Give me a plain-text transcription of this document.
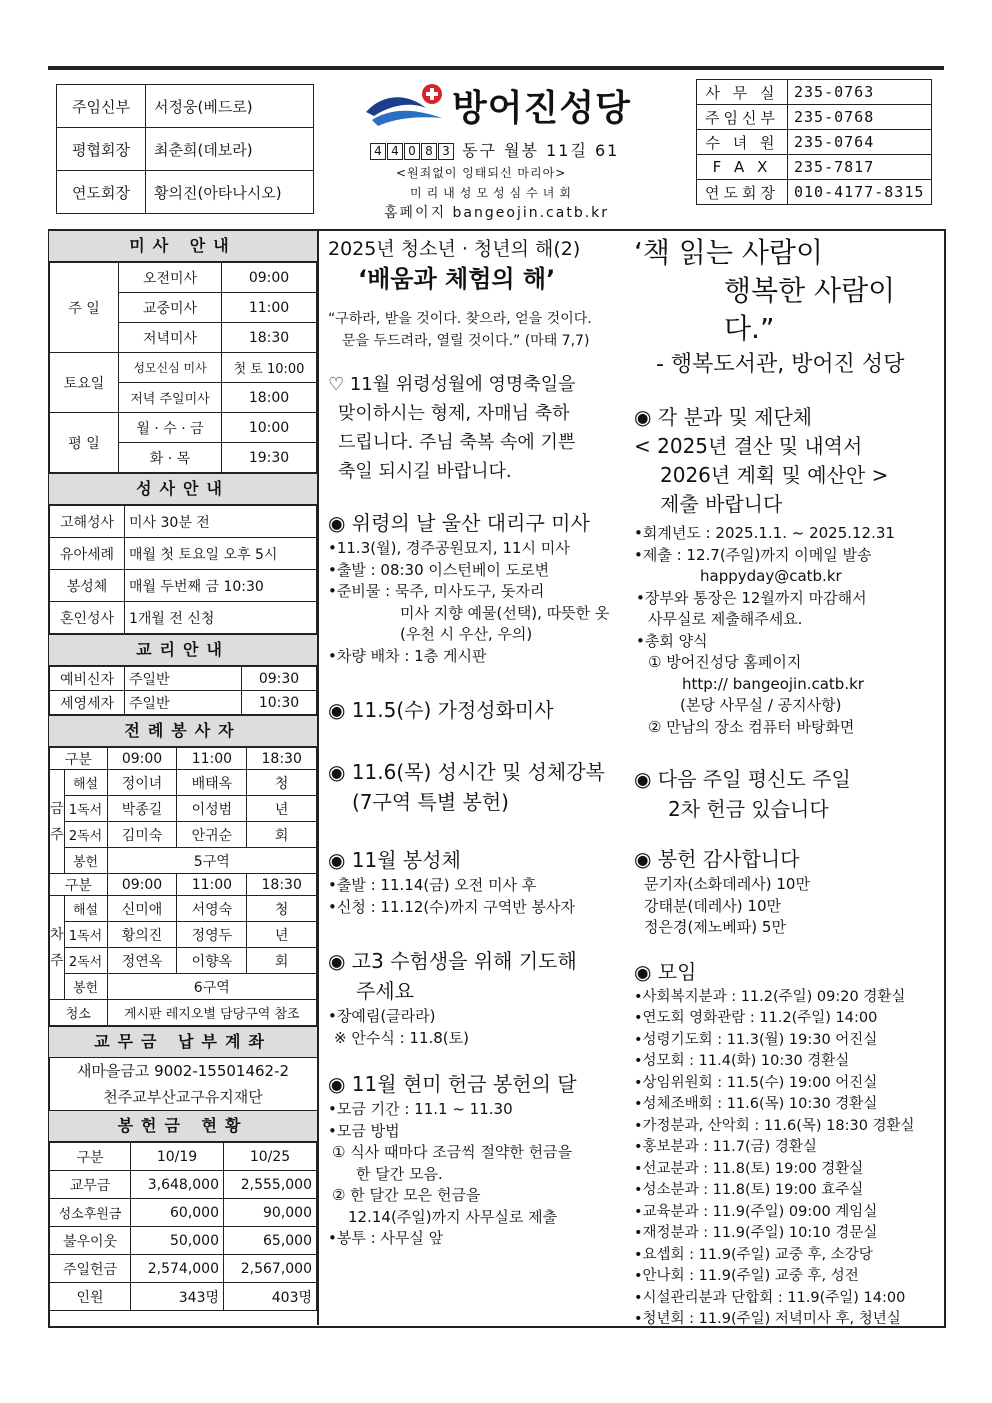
주임신부	서정웅(베드로)
평협회장	최춘희(데보라)
연도회장	황의진(아타나시오)
방어진성당
4 4 0 8 3 동구 월봉 11길 61
<원죄없이 잉태되신 마리아>
미리내성모성심수녀회
홈페이지 bangeojin.catb.kr
사 무 실	235-0763
주임신부	235-0768
수 녀 원	235-0764
F A X	235-7817
연도회장	010-4177-8315
미사 안내
주 일	오전미사	09:00
	교중미사	11:00
	저녁미사	18:30
토요일	성모신심 미사	첫 토 10:00
	저녁 주일미사	18:00
평 일	월 · 수 · 금	10:00
	화 · 목	19:30
성사안내
고해성사	미사 30분 전
유아세례	매월 첫 토요일 오후 5시
봉성체	매월 두번째 금 10:30
혼인성사	1개월 전 신청
교리안내
예비신자	주일반	09:30
세영세자	주일반	10:30
전례봉사자
구분		09:00	11:00	18:30
금
주	해설	정이녀	배태옥	청
	1독서	박종길	이성범	년
	2독서	김미숙	안귀순	회
	봉헌	5구역		
구분		09:00	11:00	18:30
차
주	해설	신미애	서영숙	청
	1독서	황의진	정영두	년
	2독서	정연옥	이향옥	회
	봉헌	6구역		
청소		게시판 레지오별 담당구역 참조		
교무금 납부계좌
새마을금고 9002-15501462-2
천주교부산교구유지재단
봉헌금 현황
구분	10/19	10/25
교무금	3,648,000	2,555,000
성소후원금	60,000	90,000
불우이웃	50,000	65,000
주일헌금	2,574,000	2,567,000
인원	343명	403명
2025년 청소년 · 청년의 해(2)
‘배움과 체험의 해’
“구하라, 받을 것이다. 찾으라, 얻을 것이다.
문을 두드려라, 열릴 것이다.” (마태 7,7)
♡ 11월 위령성월에 영명축일을
맞이하시는 형제, 자매님 축하
드립니다. 주님 축복 속에 기쁜
축일 되시길 바랍니다.
◉ 위령의 날 울산 대리구 미사
•11.3(월), 경주공원묘지, 11시 미사
•출발 : 08:30 이스턴베이 도로변
•준비물 : 묵주, 미사도구, 돗자리
미사 지향 예물(선택), 따뜻한 옷
(우천 시 우산, 우의)
•차량 배차 : 1층 게시판
◉ 11.5(수) 가정성화미사
◉ 11.6(목) 성시간 및 성체강복
(7구역 특별 봉헌)
◉ 11월 봉성체
•출발 : 11.14(금) 오전 미사 후
•신청 : 11.12(수)까지 구역반 봉사자
◉ 고3 수험생을 위해 기도해
주세요
•장예림(글라라)
※ 안수식 : 11.8(토)
◉ 11월 현미 헌금 봉헌의 달
•모금 기간 : 11.1 ~ 11.30
•모금 방법
① 식사 때마다 조금씩 절약한 헌금을
한 달간 모음.
② 한 달간 모은 헌금을
12.14(주일)까지 사무실로 제출
•봉투 : 사무실 앞
‘책 읽는 사람이
행복한 사람이다.”
- 행복도서관, 방어진 성당
◉ 각 분과 및 제단체
< 2025년 결산 및 내역서
2026년 계획 및 예산안 >
제출 바랍니다
•회계년도 : 2025.1.1. ~ 2025.12.31
•제출 : 12.7(주일)까지 이메일 발송
happyday@catb.kr
•장부와 통장은 12월까지 마감해서
사무실로 제출해주세요.
•총회 양식
① 방어진성당 홈페이지
http:// bangeojin.catb.kr
(본당 사무실 / 공지사항)
② 만남의 장소 컴퓨터 바탕화면
◉ 다음 주일 평신도 주일
2차 헌금 있습니다
◉ 봉헌 감사합니다
문기자(소화데레사) 10만
강태분(데레사) 10만
정은경(제노베파) 5만
◉ 모임
•사회복지분과 : 11.2(주일) 09:20 경환실
•연도회 영화관람 : 11.2(주일) 14:00
•성령기도회 : 11.3(월) 19:30 어진실
•성모회 : 11.4(화) 10:30 경환실
•상임위원회 : 11.5(수) 19:00 어진실
•성체조배회 : 11.6(목) 10:30 경환실
•가정분과, 산악회 : 11.6(목) 18:30 경환실
•홍보분과 : 11.7(금) 경환실
•선교분과 : 11.8(토) 19:00 경환실
•성소분과 : 11.8(토) 19:00 효주실
•교육분과 : 11.9(주일) 09:00 계임실
•재정분과 : 11.9(주일) 10:10 경문실
•요셉회 : 11.9(주일) 교중 후, 소강당
•안나회 : 11.9(주일) 교중 후, 성전
•시설관리분과 단합회 : 11.9(주일) 14:00
•청년회 : 11.9(주일) 저녁미사 후, 청년실
